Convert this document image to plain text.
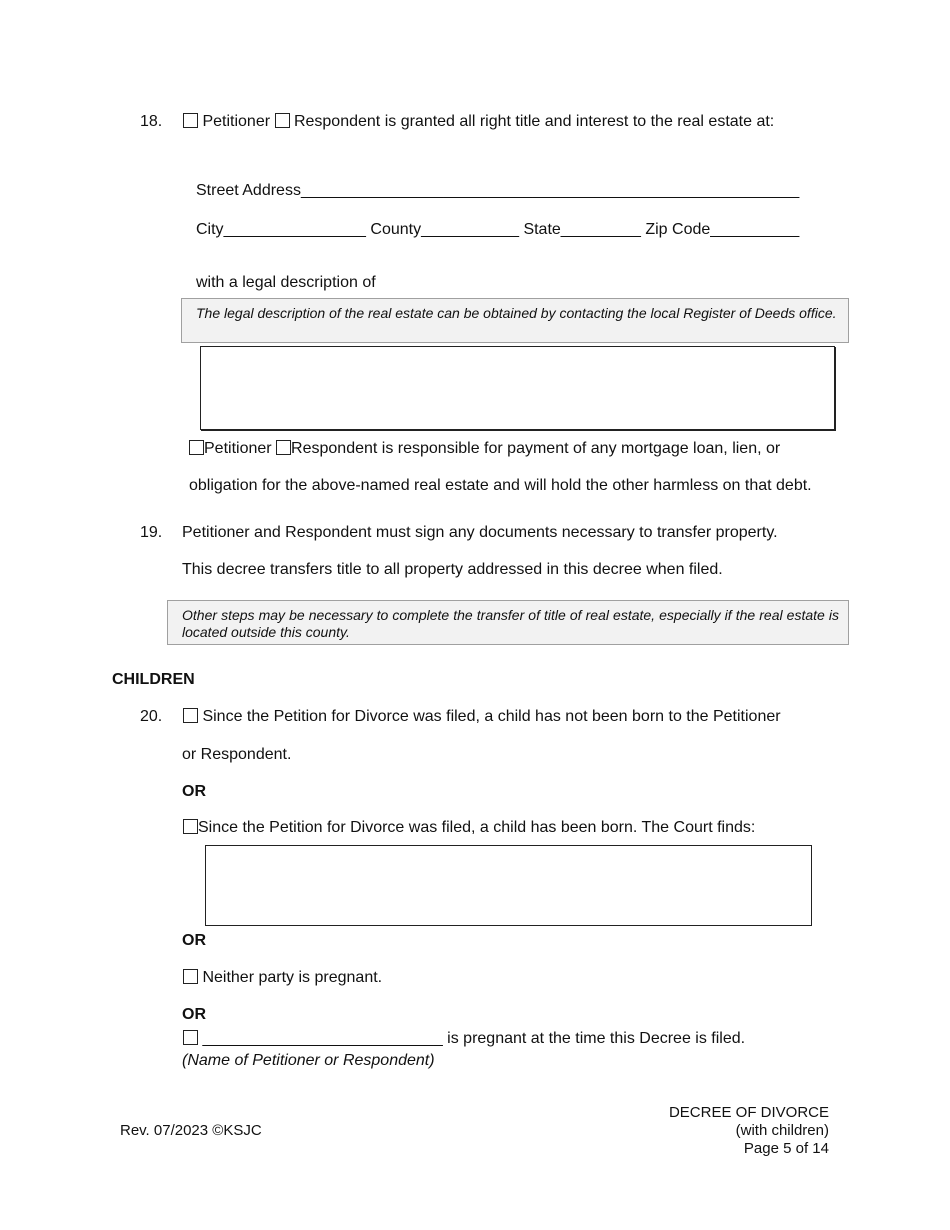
18.	Petitioner Respondent is granted all right title and interest to the real estate at:
Street Address________________________________________________________
City________________ County___________ State_________ Zip Code__________
with a legal description of
The legal description of the real estate can be obtained by contacting the local Register of Deeds office.
Petitioner Respondent is responsible for payment of any mortgage loan, lien, or
obligation for the above-named real estate and will hold the other harmless on that debt.
19. Petitioner and Respondent must sign any documents necessary to transfer property.
This decree transfers title to all property addressed in this decree when filed.
Other steps may be necessary to complete the transfer of title of real estate, especially if the real estate is located outside this county.
CHILDREN
20.	Since the Petition for Divorce was filed, a child has not been born to the Petitioner
or Respondent.
OR
Since the Petition for Divorce was filed, a child has been born. The Court finds:
OR
Neither party is pregnant.
OR
___________________________ is pregnant at the time this Decree is filed.
(Name of Petitioner or Respondent)
Rev. 07/2023 ©KSJC
DECREE OF DIVORCE
(with children)
Page 5 of 14
